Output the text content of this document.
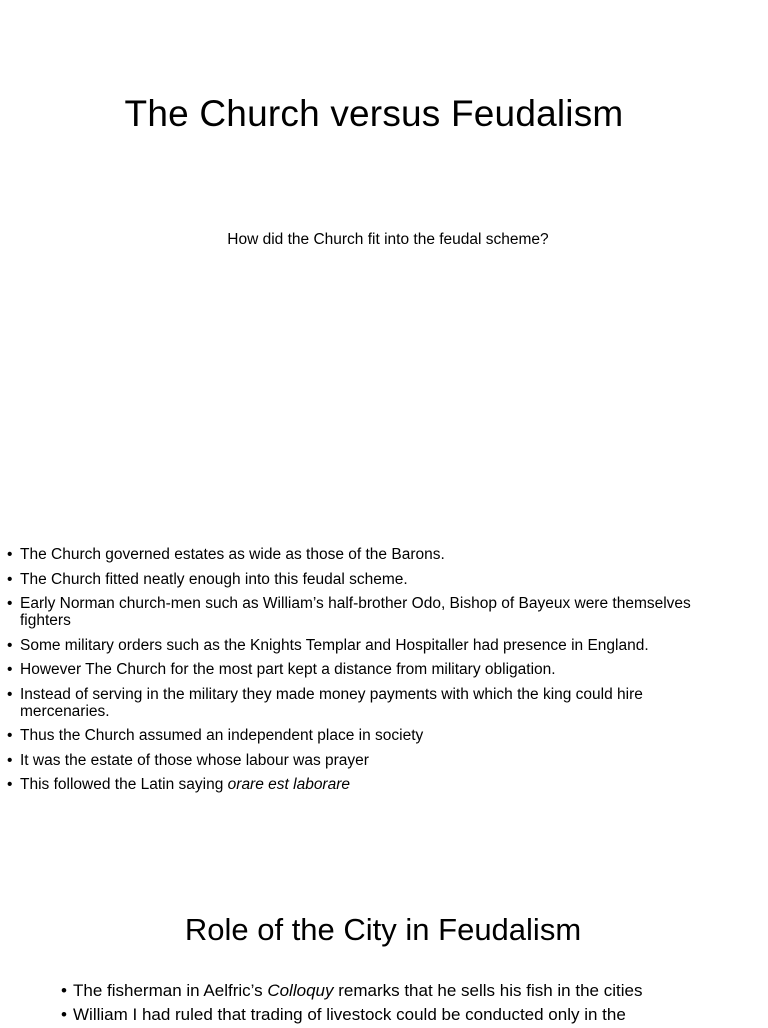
The Church versus Feudalism
How did the Church fit into the feudal scheme?
• The Church governed estates as wide as those of the Barons.
• The Church fitted neatly enough into this feudal scheme.
• Early Norman church-men such as William’s half-brother Odo, Bishop of Bayeux were themselves fighters
• Some military orders such as the Knights Templar and Hospitaller had presence in England.
• However The Church for the most part kept a distance from military obligation.
• Instead of serving in the military they made money payments with which the king could hire mercenaries.
• Thus the Church assumed an independent place in society
• It was the estate of those whose labour was prayer
• This followed the Latin saying orare est laborare
Role of the City in Feudalism
• The fisherman in Aelfric’s Colloquy remarks that he sells his fish in the cities
• William I had ruled that trading of livestock could be conducted only in the
